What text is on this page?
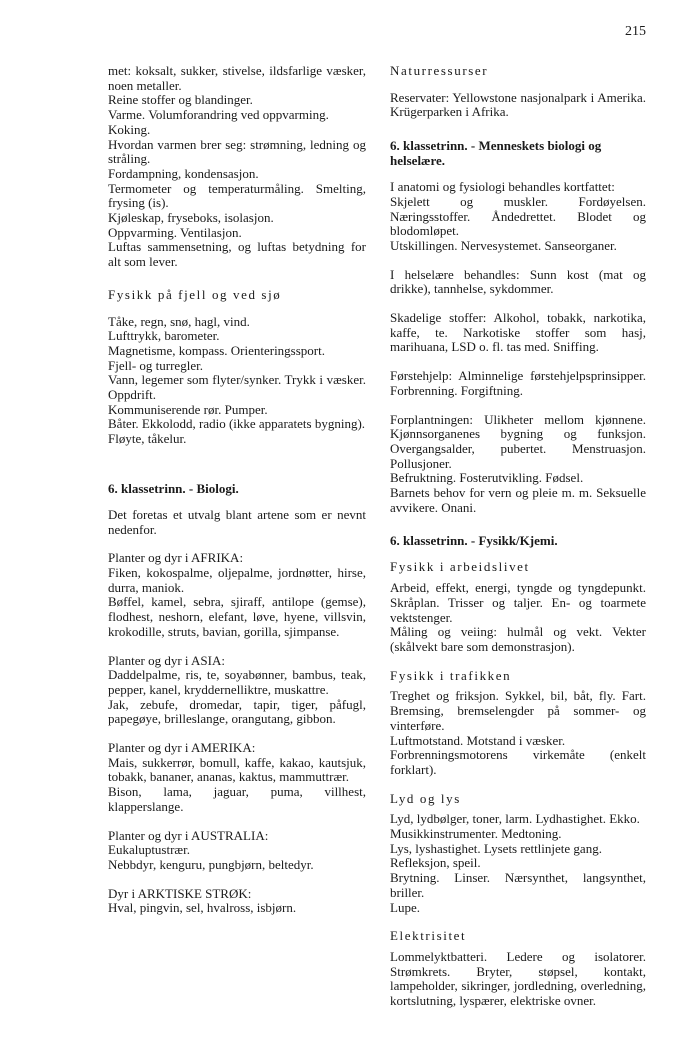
215
met: koksalt, sukker, stivelse, ildsfarlige væsker, noen metaller.
Reine stoffer og blandinger.
Varme. Volumforandring ved oppvarming.
Koking.
Hvordan varmen brer seg: strømning, ledning og stråling.
Fordampning, kondensasjon.
Termometer og temperaturmåling. Smelting, frysing (is).
Kjøleskap, fryseboks, isolasjon.
Oppvarming. Ventilasjon.
Luftas sammensetning, og luftas betydning for alt som lever.
Fysikk på fjell og ved sjø
Tåke, regn, snø, hagl, vind.
Lufttrykk, barometer.
Magnetisme, kompass. Orienteringssport.
Fjell- og turregler.
Vann, legemer som flyter/synker. Trykk i væsker. Oppdrift.
Kommuniserende rør. Pumper.
Båter. Ekkolodd, radio (ikke apparatets bygning).
Fløyte, tåkelur.
6. klassetrinn. - Biologi.
Det foretas et utvalg blant artene som er nevnt nedenfor.
Planter og dyr i AFRIKA:
Fiken, kokospalme, oljepalme, jordnøtter, hirse, durra, maniok.
Bøffel, kamel, sebra, sjiraff, antilope (gemse), flodhest, neshorn, elefant, løve, hyene, villsvin, krokodille, struts, bavian, gorilla, sjimpanse.
Planter og dyr i ASIA:
Daddelpalme, ris, te, soyabønner, bambus, teak, pepper, kanel, kryddernelliktre, muskattre.
Jak, zebufe, dromedar, tapir, tiger, påfugl, papegøye, brilleslange, orangutang, gibbon.
Planter og dyr i AMERIKA:
Mais, sukkerrør, bomull, kaffe, kakao, kautsjuk, tobakk, bananer, ananas, kaktus, mammuttrær.
Bison, lama, jaguar, puma, villhest, klapperslange.
Planter og dyr i AUSTRALIA:
Eukaluptustrær.
Nebbdyr, kenguru, pungbjørn, beltedyr.
Dyr i ARKTISKE STRØK:
Hval, pingvin, sel, hvalross, isbjørn.
Naturressurser
Reservater: Yellowstone nasjonalpark i Amerika. Krügerparken i Afrika.
6. klassetrinn. - Menneskets biologi og helselære.
I anatomi og fysiologi behandles kortfattet:
Skjelett og muskler. Fordøyelsen. Næringsstoffer. Åndedrettet. Blodet og blodomløpet.
Utskillingen. Nervesystemet. Sanseorganer.
I helselære behandles: Sunn kost (mat og drikke), tannhelse, sykdommer.
Skadelige stoffer: Alkohol, tobakk, narkotika, kaffe, te. Narkotiske stoffer som hasj, marihuana, LSD o. fl. tas med. Sniffing.
Førstehjelp: Alminnelige førstehjelpsprinsipper. Forbrenning. Forgiftning.
Forplantningen: Ulikheter mellom kjønnene. Kjønnsorganenes bygning og funksjon. Overgangsalder, pubertet. Menstruasjon. Pollusjoner.
Befruktning. Fosterutvikling. Fødsel.
Barnets behov for vern og pleie m. m. Seksuelle avvikere. Onani.
6. klassetrinn. - Fysikk/Kjemi.
Fysikk i arbeidslivet
Arbeid, effekt, energi, tyngde og tyngdepunkt. Skråplan. Trisser og taljer. En- og toarmete vektstenger.
Måling og veiing: hulmål og vekt. Vekter (skålvekt bare som demonstrasjon).
Fysikk i trafikken
Treghet og friksjon. Sykkel, bil, båt, fly. Fart. Bremsing, bremselengder på sommer- og vinterføre.
Luftmotstand. Motstand i væsker.
Forbrenningsmotorens virkemåte (enkelt forklart).
Lyd og lys
Lyd, lydbølger, toner, larm. Lydhastighet. Ekko.
Musikkinstrumenter. Medtoning.
Lys, lyshastighet. Lysets rettlinjete gang.
Refleksjon, speil.
Brytning. Linser. Nærsynthet, langsynthet, briller.
Lupe.
Elektrisitet
Lommelyktbatteri. Ledere og isolatorer. Strømkrets. Bryter, støpsel, kontakt, lampeholder, sikringer, jordledning, overledning, kortslutning, lyspærer, elektriske ovner.
